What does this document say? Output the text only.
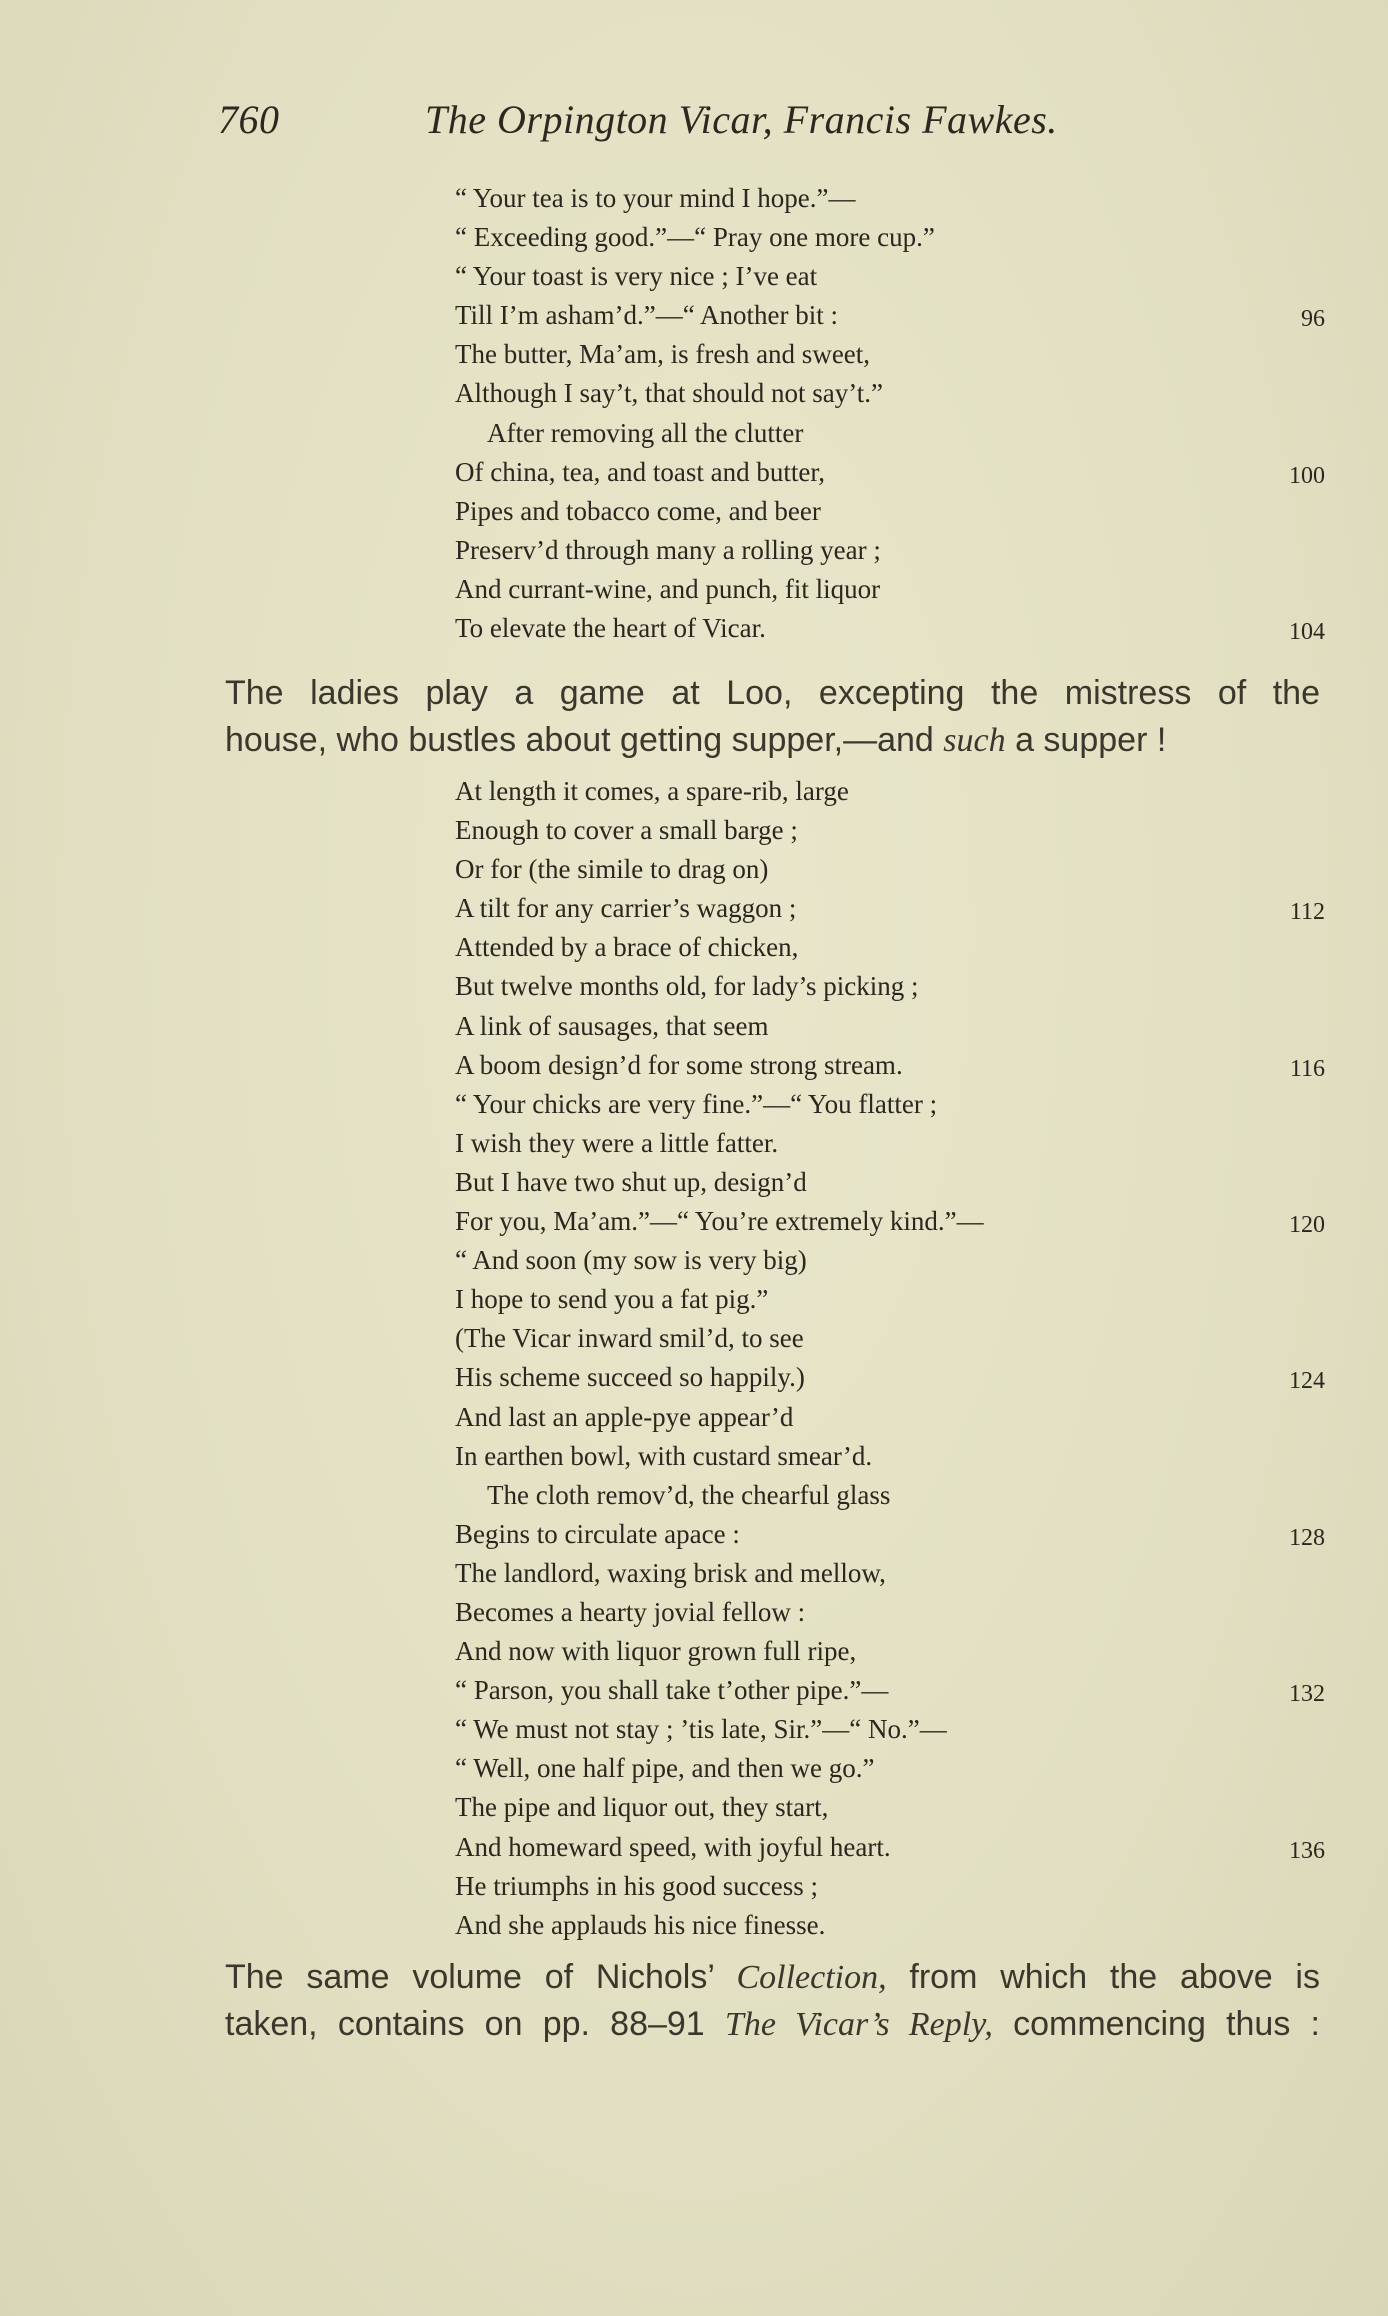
760	The Orpington Vicar, Francis Fawkes.
“ Your tea is to your mind I hope.”—
“ Exceeding good.”—“ Pray one more cup.”
“ Your toast is very nice ; I’ve eat
Till I’m asham’d.”—“ Another bit :	96
The butter, Ma’am, is fresh and sweet,
Although I say’t, that should not say’t.”
After removing all the clutter
Of china, tea, and toast and butter,	100
Pipes and tobacco come, and beer
Preserv’d through many a rolling year ;
And currant-wine, and punch, fit liquor
To elevate the heart of Vicar.	104
The ladies play a game at Loo, excepting the mistress of the
house, who bustles about getting supper,—and such a supper !
At length it comes, a spare-rib, large
Enough to cover a small barge ;
Or for (the simile to drag on)
A tilt for any carrier’s waggon ;	112
Attended by a brace of chicken,
But twelve months old, for lady’s picking ;
A link of sausages, that seem
A boom design’d for some strong stream.	116
“ Your chicks are very fine.”—“ You flatter ;
I wish they were a little fatter.
But I have two shut up, design’d
For you, Ma’am.”—“ You’re extremely kind.”—	120
“ And soon (my sow is very big)
I hope to send you a fat pig.”
(The Vicar inward smil’d, to see
His scheme succeed so happily.)	124
And last an apple-pye appear’d
In earthen bowl, with custard smear’d.
The cloth remov’d, the chearful glass
Begins to circulate apace :	128
The landlord, waxing brisk and mellow,
Becomes a hearty jovial fellow :
And now with liquor grown full ripe,
“ Parson, you shall take t’other pipe.”—	132
“ We must not stay ; ’tis late, Sir.”—“ No.”—
“ Well, one half pipe, and then we go.”
The pipe and liquor out, they start,
And homeward speed, with joyful heart.	136
He triumphs in his good success ;
And she applauds his nice finesse.
The same volume of Nichols’ Collection, from which the above is
taken, contains on pp. 88–91 The Vicar’s Reply, commencing thus :
